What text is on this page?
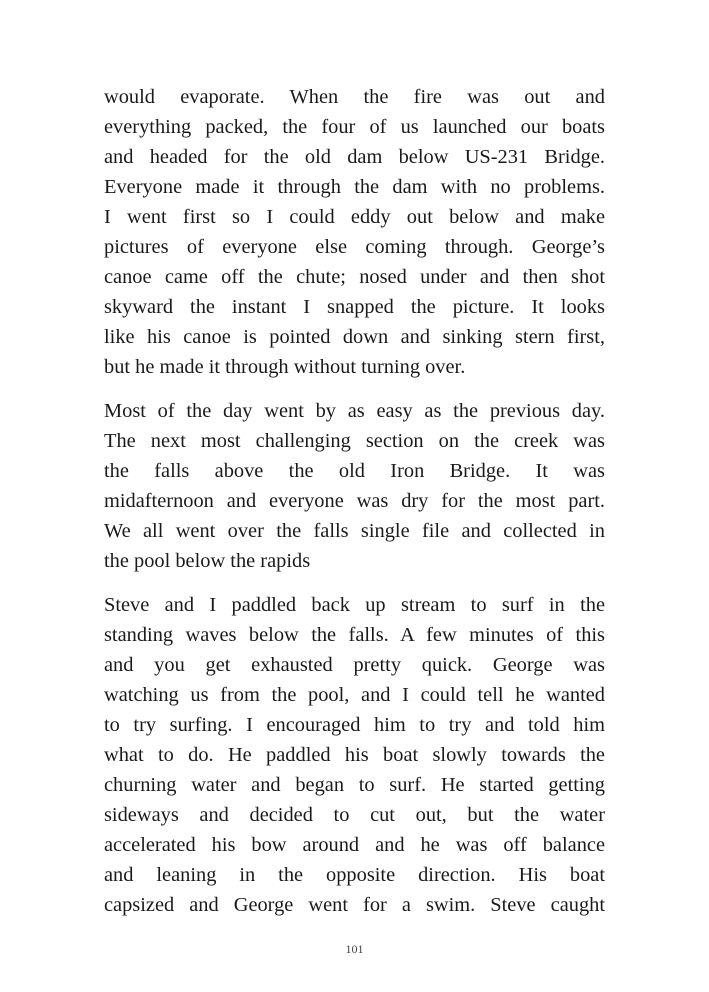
would evaporate. When the fire was out and
everything packed, the four of us launched our boats
and headed for the old dam below US-231 Bridge.
Everyone made it through the dam with no problems.
I went first so I could eddy out below and make
pictures of everyone else coming through. George’s
canoe came off the chute; nosed under and then shot
skyward the instant I snapped the picture. It looks
like his canoe is pointed down and sinking stern first,
but he made it through without turning over.
Most of the day went by as easy as the previous day.
The next most challenging section on the creek was
the falls above the old Iron Bridge. It was
midafternoon and everyone was dry for the most part.
We all went over the falls single file and collected in
the pool below the rapids
Steve and I paddled back up stream to surf in the
standing waves below the falls. A few minutes of this
and you get exhausted pretty quick. George was
watching us from the pool, and I could tell he wanted
to try surfing. I encouraged him to try and told him
what to do. He paddled his boat slowly towards the
churning water and began to surf. He started getting
sideways and decided to cut out, but the water
accelerated his bow around and he was off balance
and leaning in the opposite direction. His boat
capsized and George went for a swim. Steve caught
101
